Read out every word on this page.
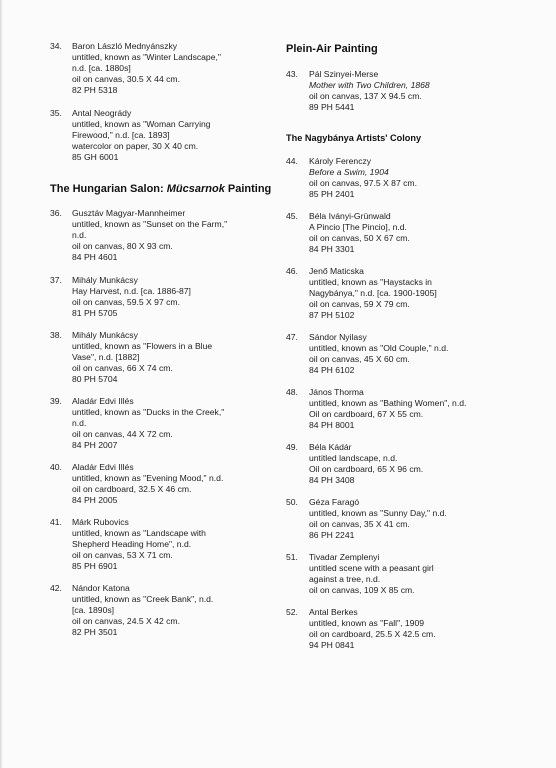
34.	Baron László Mednyánszky
untitled, known as "Winter Landscape,"
n.d. [ca. 1880s]
oil on canvas, 30.5 X 44 cm.
82 PH 5318
35.	Antal Neogrády
untitled, known as "Woman Carrying
Firewood," n.d. [ca. 1893]
watercolor on paper, 30 X 40 cm.
85 GH 6001
The Hungarian Salon: Mücsarnok Painting
36.	Gusztáv Magyar-Mannheimer
untitled, known as "Sunset on the Farm,"
n.d.
oil on canvas, 80 X 93 cm.
84 PH 4601
37.	Mihály Munkácsy
Hay Harvest, n.d. [ca. 1886-87]
oil on canvas, 59.5 X 97 cm.
81 PH 5705
38.	Mihály Munkácsy
untitled, known as "Flowers in a Blue
Vase", n.d. [1882]
oil on canvas, 66 X 74 cm.
80 PH 5704
39.	Aladár Edvi Illés
untitled, known as "Ducks in the Creek,"
n.d.
oil on canvas, 44 X 72 cm.
84 PH 2007
40.	Aladár Edvi Illés
untitled, known as "Evening Mood," n.d.
oil on cardboard, 32.5 X 46 cm.
84 PH 2005
41.	Márk Rubovics
untitled, known as "Landscape with
Shepherd Heading Home", n.d.
oil on canvas, 53 X 71 cm.
85 PH 6901
42.	Nándor Katona
untitled, known as "Creek Bank", n.d.
[ca. 1890s]
oil on canvas, 24.5 X 42 cm.
82 PH 3501
Plein-Air Painting
43.	Pál Szinyei-Merse
Mother with Two Children, 1868
oil on canvas, 137 X 94.5 cm.
89 PH 5441
The Nagybánya Artists' Colony
44.	Károly Ferenczy
Before a Swim, 1904
oil on canvas, 97.5 X 87 cm.
85 PH 2401
45.	Béla Iványi-Grünwald
A Pincio [The Pincio], n.d.
oil on canvas, 50 X 67 cm.
84 PH 3301
46.	Jenő Maticska
untitled, known as "Haystacks in
Nagybánya," n.d. [ca. 1900-1905]
oil on canvas, 59 X 79 cm.
87 PH 5102
47.	Sándor Nyilasy
untitled, known as "Old Couple," n.d.
oil on canvas, 45 X 60 cm.
84 PH 6102
48.	János Thorma
untitled, known as "Bathing Women", n.d.
Oil on cardboard, 67 X 55 cm.
84 PH 8001
49.	Béla Kádár
untitled landscape, n.d.
Oil on cardboard, 65 X 96 cm.
84 PH 3408
50.	Géza Faragó
untitled, known as "Sunny Day," n.d.
oil on canvas, 35 X 41 cm.
86 PH 2241
51.	Tivadar Zemplenyi
untitled scene with a peasant girl
against a tree, n.d.
oil on canvas, 109 X 85 cm.
52.	Antal Berkes
untitled, known as "Fall", 1909
oil on cardboard, 25.5 X 42.5 cm.
94 PH 0841
